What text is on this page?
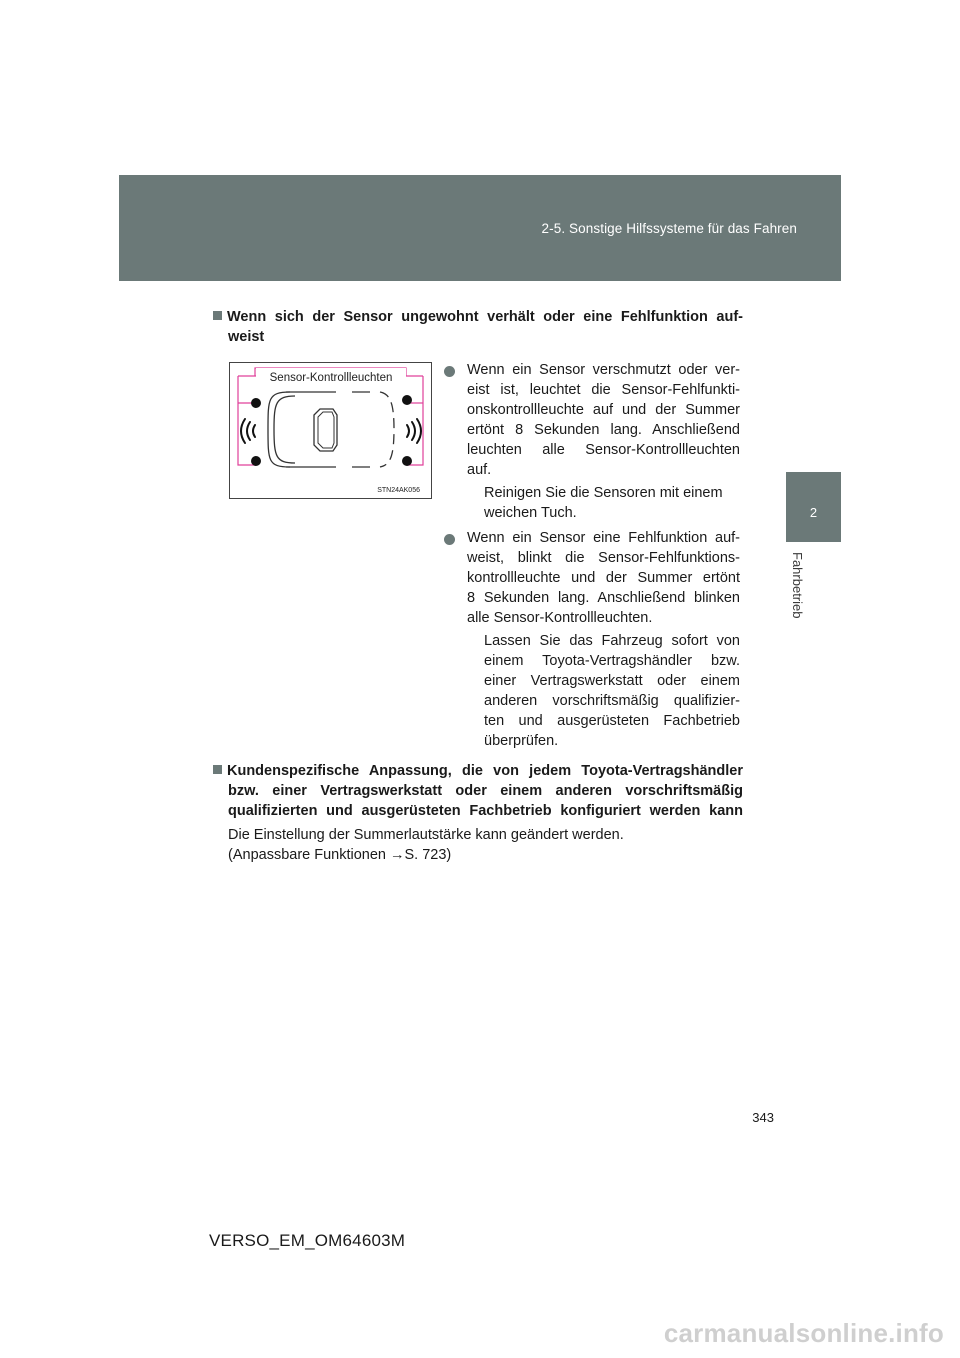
2-5. Sonstige Hilfssysteme für das Fahren
2
Fahrbetrieb
Wenn sich der Sensor ungewohnt verhält oder eine Fehlfunktion auf-
weist
Sensor-Kontrollleuchten
STN24AK056
Wenn ein Sensor verschmutzt oder ver-
eist ist, leuchtet die Sensor-Fehlfunkti-
onskontrollleuchte auf und der Summer
ertönt 8 Sekunden lang. Anschließend
leuchten alle Sensor-Kontrollleuchten
auf.
Reinigen Sie die Sensoren mit einem
weichen Tuch.
Wenn ein Sensor eine Fehlfunktion auf-
weist, blinkt die Sensor-Fehlfunktions-
kontrollleuchte und der Summer ertönt
8 Sekunden lang. Anschließend blinken
alle Sensor-Kontrollleuchten.
Lassen Sie das Fahrzeug sofort von
einem Toyota-Vertragshändler bzw.
einer Vertragswerkstatt oder einem
anderen vorschriftsmäßig qualifizier-
ten und ausgerüsteten Fachbetrieb
überprüfen.
Kundenspezifische Anpassung, die von jedem Toyota-Vertragshändler
bzw. einer Vertragswerkstatt oder einem anderen vorschriftsmäßig
qualifizierten und ausgerüsteten Fachbetrieb konfiguriert werden kann
Die Einstellung der Summerlautstärke kann geändert werden.
(Anpassbare Funktionen →S. 723)
343
VERSO_EM_OM64603M
carmanualsonline.info
